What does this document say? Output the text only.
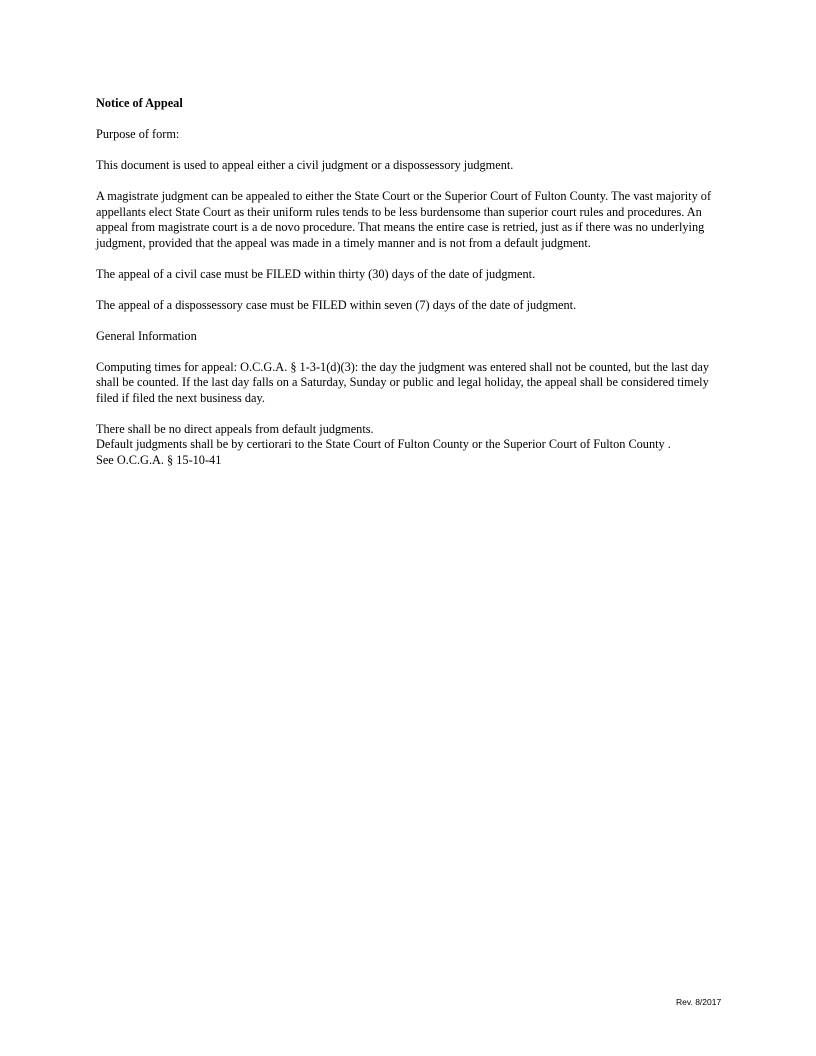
Notice of Appeal

Purpose of form:

This document is used to appeal either a civil judgment or a dispossessory judgment.

A magistrate judgment can be appealed to either the State Court or the Superior Court of Fulton County. The vast majority of appellants elect State Court as their uniform rules tends to be less burdensome than superior court rules and procedures. An appeal from magistrate court is a de novo procedure. That means the entire case is retried, just as if there was no underlying judgment, provided that the appeal was made in a timely manner and is not from a default judgment.

The appeal of a civil case must be FILED within thirty (30) days of the date of judgment.

The appeal of a dispossessory case must be FILED within seven (7) days of the date of judgment.

General Information

Computing times for appeal: O.C.G.A. § 1-3-1(d)(3): the day the judgment was entered shall not be counted, but the last day shall be counted. If the last day falls on a Saturday, Sunday or public and legal holiday, the appeal shall be considered timely filed if filed the next business day.

There shall be no direct appeals from default judgments.

Default judgments shall be by certiorari to the State Court of Fulton County or the Superior Court of Fulton County .

See O.C.G.A. § 15-10-41

Rev. 8/2017
